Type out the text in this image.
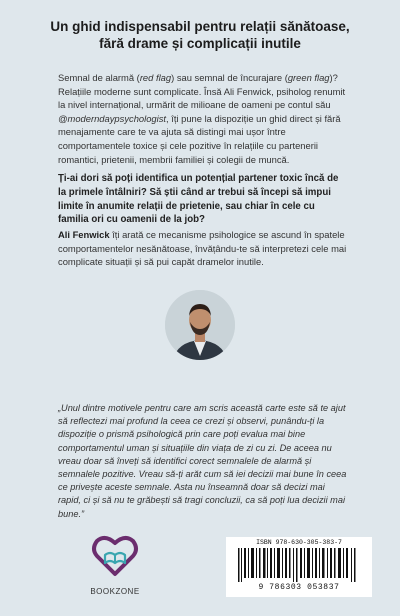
Un ghid indispensabil pentru relații sănătoase,
fără drame și complicații inutile
Semnal de alarmă (red flag) sau semnal de încurajare (green flag)? Relațiile moderne sunt complicate. Însă Ali Fenwick, psiholog renumit la nivel internațional, urmărit de milioane de oameni pe contul său @moderndaypsychologist, îți pune la dispoziție un ghid direct și fără menajamente care te va ajuta să distingi mai ușor între comportamentele toxice și cele pozitive în relațiile cu partenerii romantici, prietenii, membrii familiei și colegii de muncă.
Ți-ai dori să poți identifica un potențial partener toxic încă de la primele întâlniri? Să știi când ar trebui să începi să impui limite în anumite relații de prietenie, sau chiar în cele cu familia ori cu oamenii de la job?
Ali Fenwick îți arată ce mecanisme psihologice se ascund în spatele comportamentelor nesănătoase, învățându-te să interpretezi cele mai complicate situații și să pui capăt dramelor inutile.
„Unul dintre motivele pentru care am scris această carte este să te ajut să reflectezi mai profund la ceea ce crezi și observi, punându-ți la dispoziție o prismă psihologică prin care poți evalua mai bine comportamentul uman și situațiile din viața de zi cu zi. De aceea nu vreau doar să înveți să identifici corect semnalele de alarmă și semnalele pozitive. Vreau să-ți arăt cum să iei decizii mai bune în ceea ce privește aceste semnale. Asta nu înseamnă doar să decizi mai rapid, ci și să nu te grăbești să tragi concluzii, ca să poți lua decizii mai bune.”
BOOKZONE
ISBN 978-630-305-383-7
9 786303 053837
